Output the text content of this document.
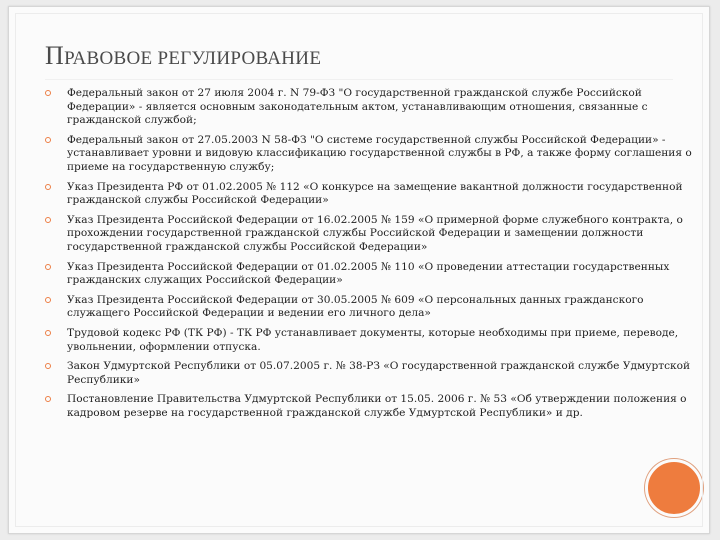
ПРАВОВОЕ РЕГУЛИРОВАНИЕ
Федеральный закон от 27 июля 2004 г. N 79-ФЗ "О государственной гражданской службе Российской Федерации» - является основным законодательным актом, устанавливающим отношения, связанные с гражданской службой;
Федеральный закон от 27.05.2003 N 58-ФЗ "О системе государственной службы Российской Федерации» - устанавливает уровни и видовую классификацию государственной службы в РФ, а также форму соглашения о приеме на государственную службу;
Указ Президента РФ от 01.02.2005 № 112 «О конкурсе на замещение вакантной должности государственной гражданской службы Российской Федерации»
Указ Президента Российской Федерации от 16.02.2005 № 159 «О примерной форме служебного контракта, о прохождении государственной гражданской службы Российской Федерации и замещении должности государственной гражданской службы Российской Федерации»
Указ Президента Российской Федерации от 01.02.2005 № 110 «О проведении аттестации государственных гражданских служащих Российской Федерации»
Указ Президента Российской Федерации от 30.05.2005 № 609 «О персональных данных гражданского служащего Российской Федерации и ведении его личного дела»
Трудовой кодекс РФ (ТК РФ) - ТК РФ устанавливает документы, которые необходимы при приеме, переводе, увольнении, оформлении отпуска.
Закон Удмуртской Республики от 05.07.2005 г. № 38-РЗ «О государственной гражданской службе Удмуртской Республики»
Постановление Правительства Удмуртской Республики от 15.05. 2006 г. № 53 «Об утверждении положения о кадровом резерве на государственной гражданской службе Удмуртской Республики» и др.
